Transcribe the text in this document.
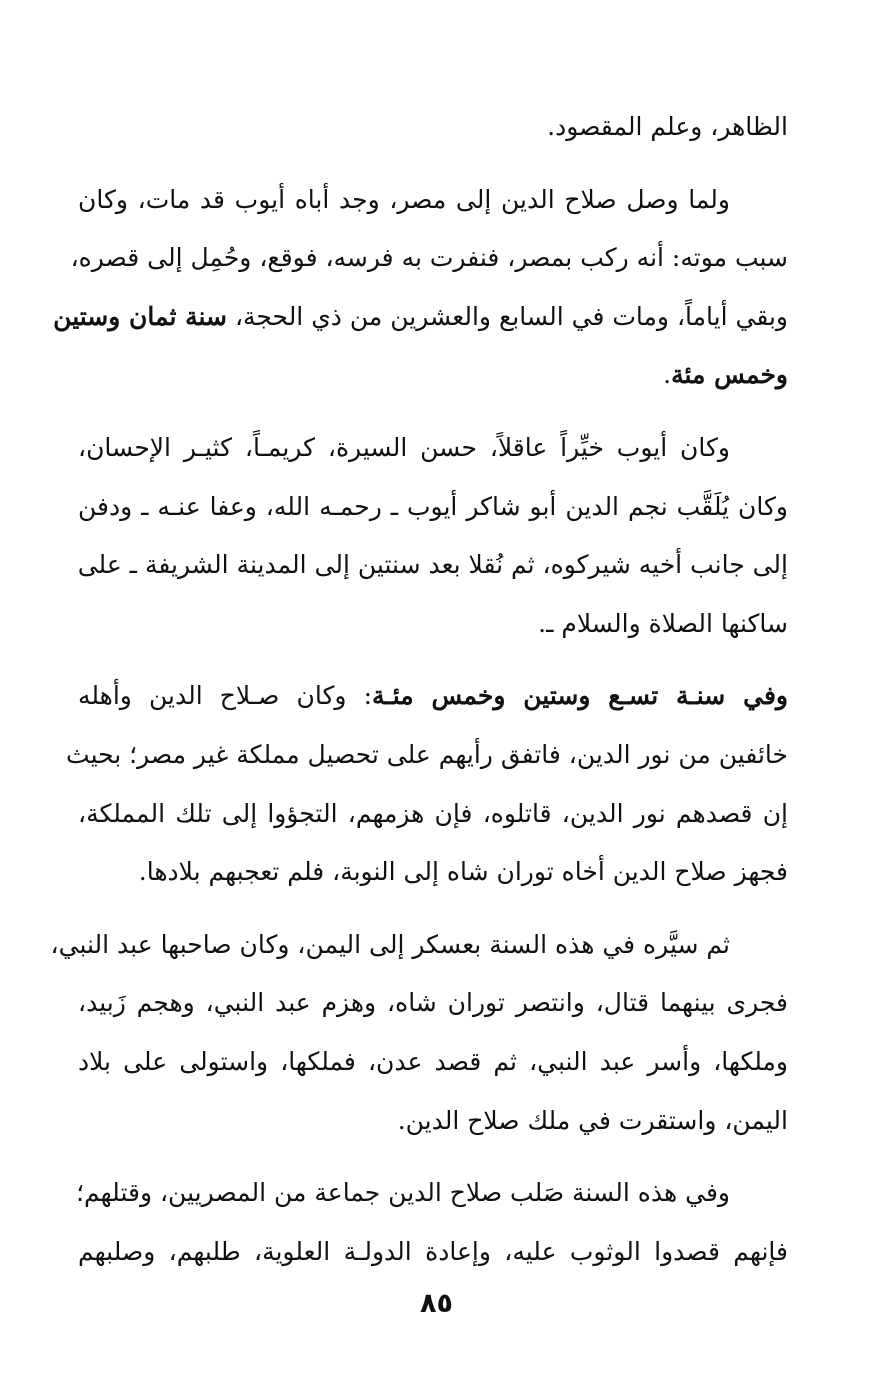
الظاهر، وعلم المقصود.
ولما وصل صلاح الدين إلى مصر، وجد أباه أيوب قد مات، وكان
سبب موته: أنه ركب بمصر، فنفرت به فرسه، فوقع، وحُمِل إلى قصره،
وبقي أياماً، ومات في السابع والعشرين من ذي الحجة، سنة ثمان وستين
وخمس مئة.
وكان أيوب خيِّراً عاقلاً، حسن السيرة، كريمـاً، كثيـر الإحسان،
وكان يُلَقَّب نجم الدين أبو شاكر أيوب ـ رحمـه الله، وعفا عنـه ـ ودفن
إلى جانب أخيه شيركوه، ثم نُقلا بعد سنتين إلى المدينة الشريفة ـ على
ساكنها الصلاة والسلام ـ.
وفي سنـة تسـع وستين وخمس مئـة: وكان صـلاح الدين وأهله
خائفين من نور الدين، فاتفق رأيهم على تحصيل مملكة غير مصر؛ بحيث
إن قصدهم نور الدين، قاتلوه، فإن هزمهم، التجؤوا إلى تلك المملكة،
فجهز صلاح الدين أخاه توران شاه إلى النوبة، فلم تعجبهم بلادها.
ثم سيَّره في هذه السنة بعسكر إلى اليمن، وكان صاحبها عبد النبي،
فجرى بينهما قتال، وانتصر توران شاه، وهزم عبد النبي، وهجم زَبيد،
وملكها، وأسر عبد النبي، ثم قصد عدن، فملكها، واستولى على بلاد
اليمن، واستقرت في ملك صلاح الدين.
وفي هذه السنة صَلب صلاح الدين جماعة من المصريين، وقتلهم؛
فإنهم قصدوا الوثوب عليه، وإعادة الدولـة العلوية، طلبهم، وصلبهم
٨٥
